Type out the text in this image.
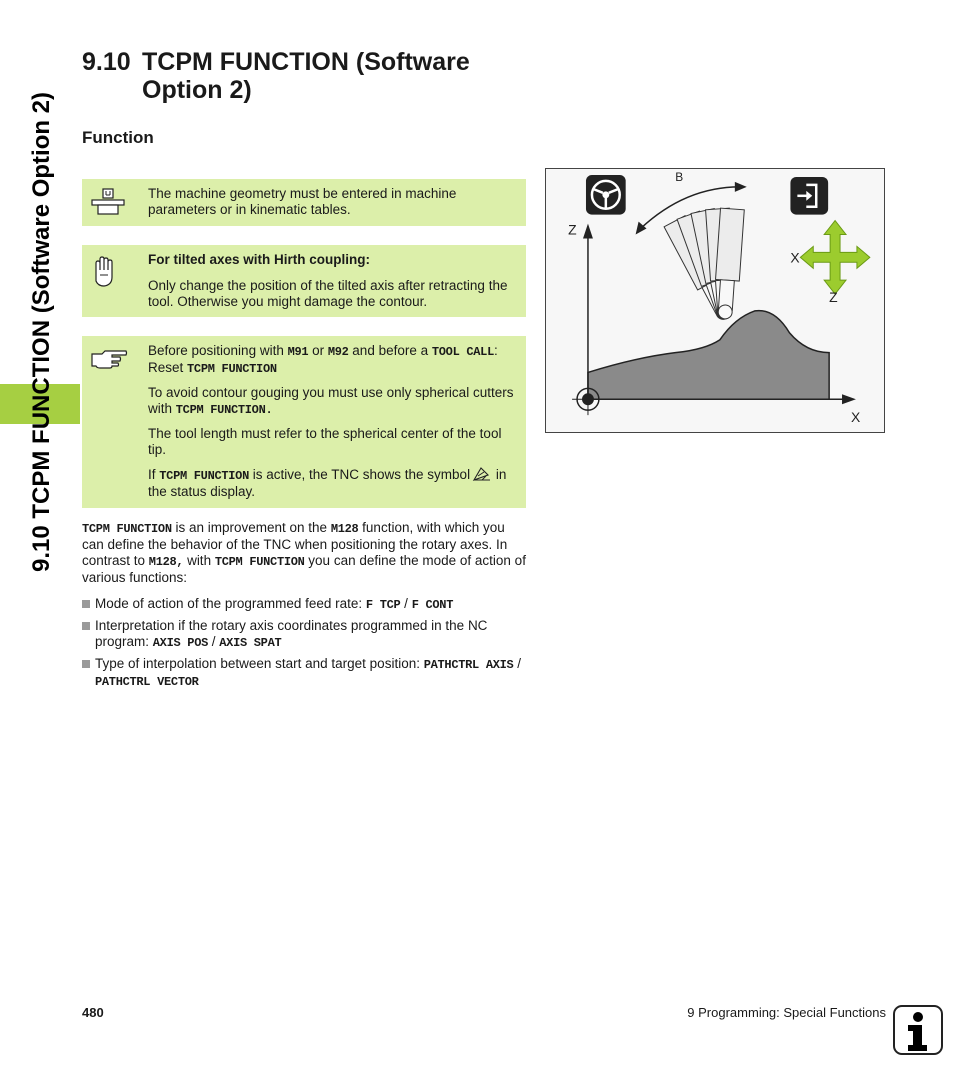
9.10 TCPM FUNCTION (Software Option 2)
9.10 TCPM FUNCTION (Software
Option 2)
Function

The machine geometry must be entered in machine parameters or in kinematic tables.

For tilted axes with Hirth coupling:

Only change the position of the tilted axis after retracting the tool. Otherwise you might damage the contour.

Before positioning with M91 or M92 and before a TOOL CALL: Reset TCPM FUNCTION

To avoid contour gouging you must use only spherical cutters with TCPM FUNCTION.

The tool length must refer to the spherical center of the tool tip.

If TCPM FUNCTION is active, the TNC shows the symbol in the status display.

TCPM FUNCTION is an improvement on the M128 function, with which you can define the behavior of the TNC when positioning the rotary axes. In contrast to M128, with TCPM FUNCTION you can define the mode of action of various functions:

Mode of action of the programmed feed rate: F TCP / F CONT
Interpretation if the rotary axis coordinates programmed in the NC program: AXIS POS / AXIS SPAT
Type of interpolation between start and target position: PATHCTRL AXIS / PATHCTRL VECTOR
Z
X
B
X
Z
480	9 Programming: Special Functions
